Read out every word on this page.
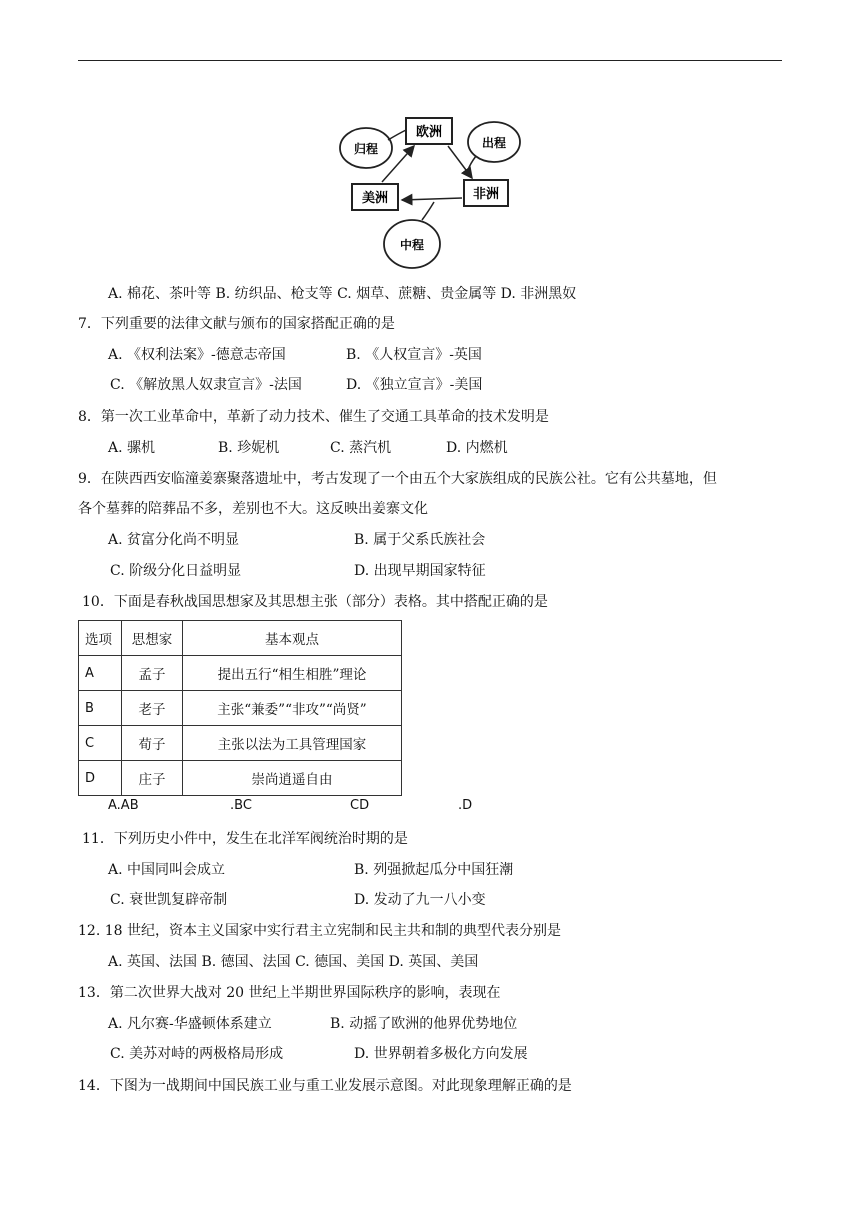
欧洲
非洲
美洲
归程	出程
中程
A. 棉花、茶叶等 B. 纺织品、枪支等 C. 烟草、蔗糖、贵金属等 D. 非洲黑奴
7．下列重要的法律文献与颁布的国家搭配正确的是
A. 《权利法案》-德意志帝国	B. 《人权宣言》-英国
C. 《解放黑人奴隶宣言》-法国	D. 《独立宣言》-美国
8．第一次工业革命中，革新了动力技术、催生了交通工具革命的技术发明是
A. 骡机	B. 珍妮机	C. 蒸汽机	D. 内燃机
9．在陕西西安临潼姜寨聚落遗址中，考古发现了一个由五个大家族组成的民族公社。它有公共墓地，但
各个墓葬的陪葬品不多，差别也不大。这反映出姜寨文化
A. 贫富分化尚不明显	B. 属于父系氏族社会
C. 阶级分化日益明显	D. 出现早期国家特征
10．下面是春秋战国思想家及其思想主张（部分）表格。其中搭配正确的是
选项	思想家	基本观点
A	孟子	提出五行“相生相胜”理论
B	老子	主张“兼委”“非攻”“尚贤”
C	荀子	主张以法为工具管理国家
D	庄子	崇尚逍遥自由
A.AB	.BC	CD	.D
11．下列历史小件中，发生在北洋军阀统治时期的是
A. 中国同叫会成立	B. 列强掀起瓜分中国狂潮
C. 衰世凯复辟帝制	D. 发动了九一八小变
12. 18 世纪，资本主义国家中实行君主立宪制和民主共和制的典型代表分别是
A. 英国、法国 B. 德国、法国 C. 德国、美国 D. 英国、美国
13．第二次世界大战对 20 世纪上半期世界国际秩序的影响，表现在
A. 凡尔赛-华盛顿体系建立	B. 动摇了欧洲的他界优势地位
C. 美苏对峙的两极格局形成	D. 世界朝着多极化方向发展
14．下图为一战期间中国民族工业与重工业发展示意图。对此现象理解正确的是
